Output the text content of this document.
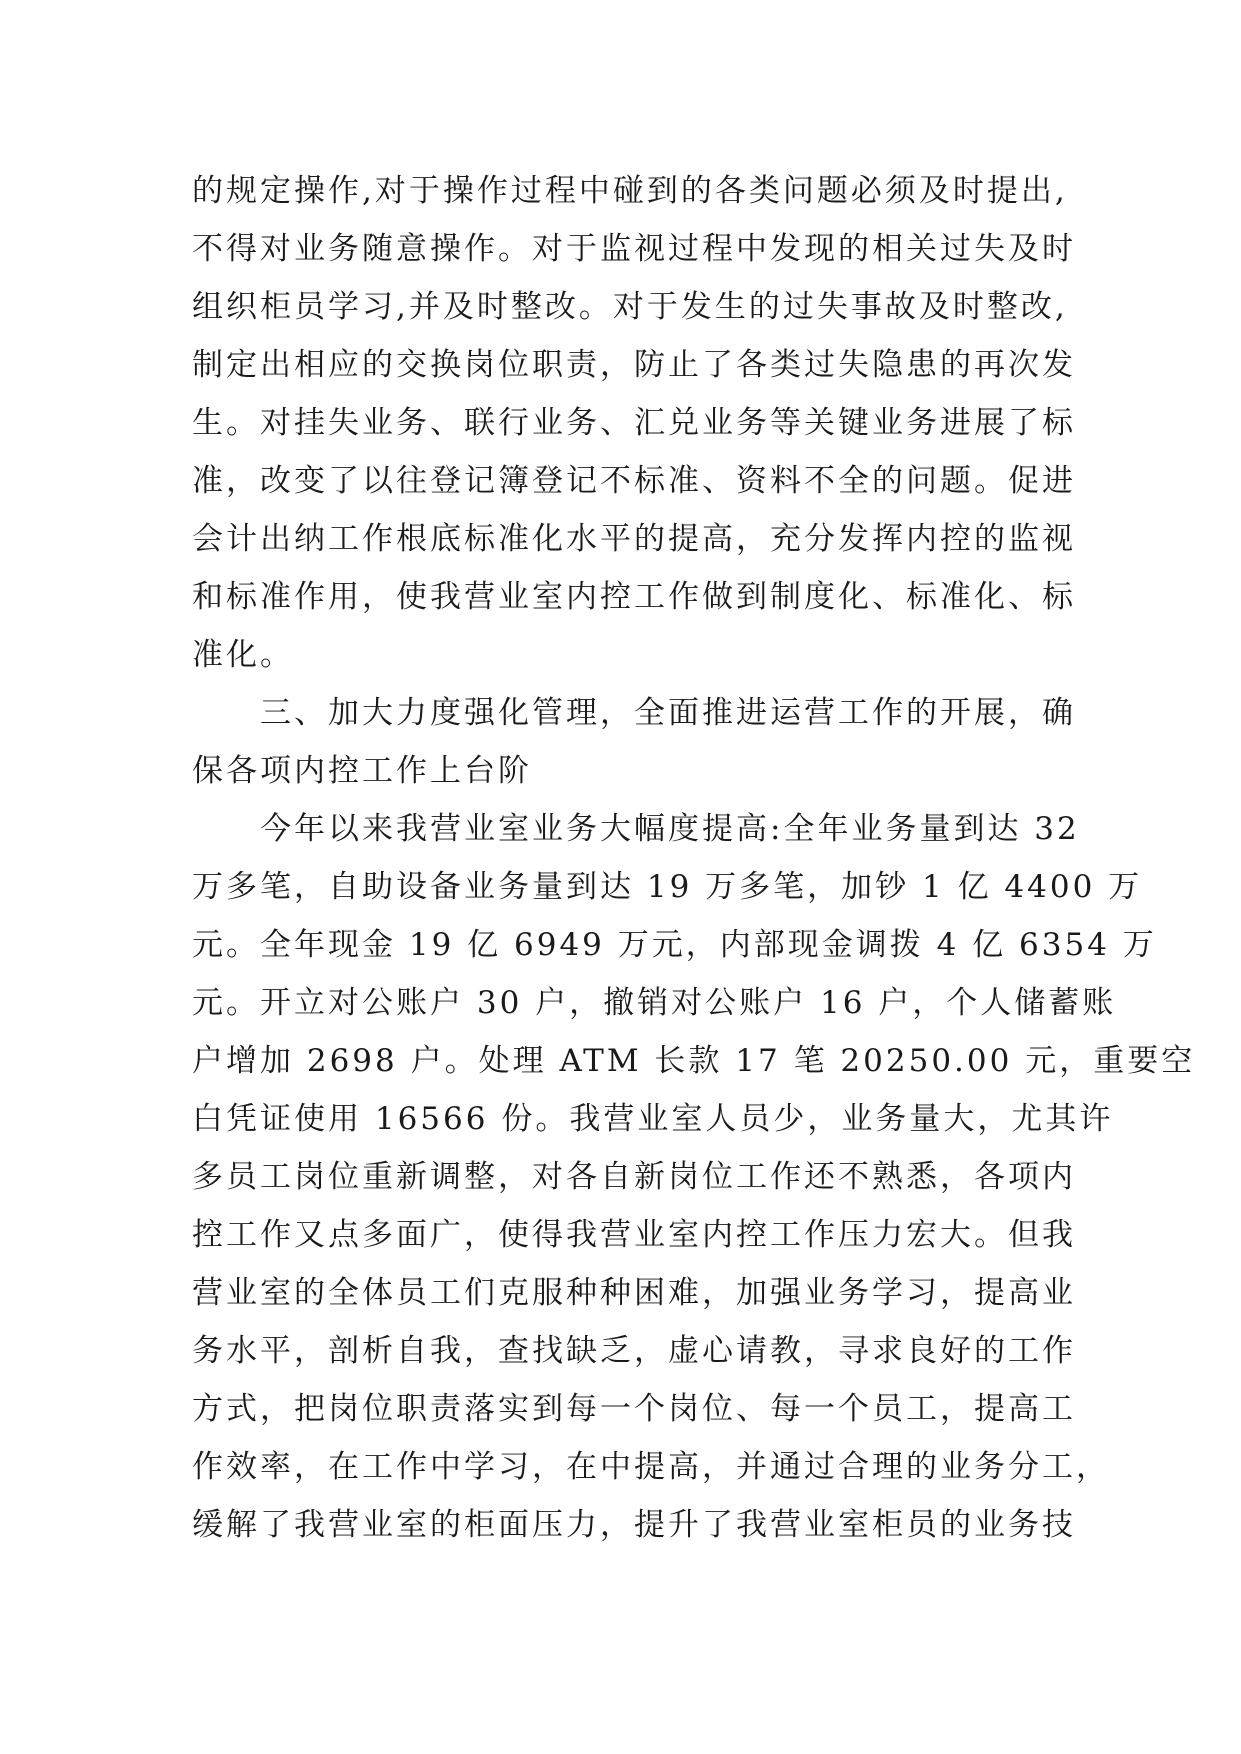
的规定操作,对于操作过程中碰到的各类问题必须及时提出,
不得对业务随意操作。对于监视过程中发现的相关过失及时
组织柜员学习,并及时整改。对于发生的过失事故及时整改,
制定出相应的交换岗位职责，防止了各类过失隐患的再次发
生。对挂失业务、联行业务、汇兑业务等关键业务进展了标
准，改变了以往登记簿登记不标准、资料不全的问题。促进
会计出纳工作根底标准化水平的提高，充分发挥内控的监视
和标准作用，使我营业室内控工作做到制度化、标准化、标
准化。
　　三、加大力度强化管理，全面推进运营工作的开展，确
保各项内控工作上台阶
　　今年以来我营业室业务大幅度提高:全年业务量到达 32
万多笔，自助设备业务量到达 19 万多笔，加钞 1 亿 4400 万
元。全年现金 19 亿 6949 万元，内部现金调拨 4 亿 6354 万
元。开立对公账户 30 户，撤销对公账户 16 户，个人储蓄账
户增加 2698 户。处理 ATM 长款 17 笔 20250.00 元，重要空
白凭证使用 16566 份。我营业室人员少，业务量大，尤其许
多员工岗位重新调整，对各自新岗位工作还不熟悉，各项内
控工作又点多面广，使得我营业室内控工作压力宏大。但我
营业室的全体员工们克服种种困难，加强业务学习，提高业
务水平，剖析自我，查找缺乏，虚心请教，寻求良好的工作
方式，把岗位职责落实到每一个岗位、每一个员工，提高工
作效率，在工作中学习，在中提高，并通过合理的业务分工，
缓解了我营业室的柜面压力，提升了我营业室柜员的业务技
